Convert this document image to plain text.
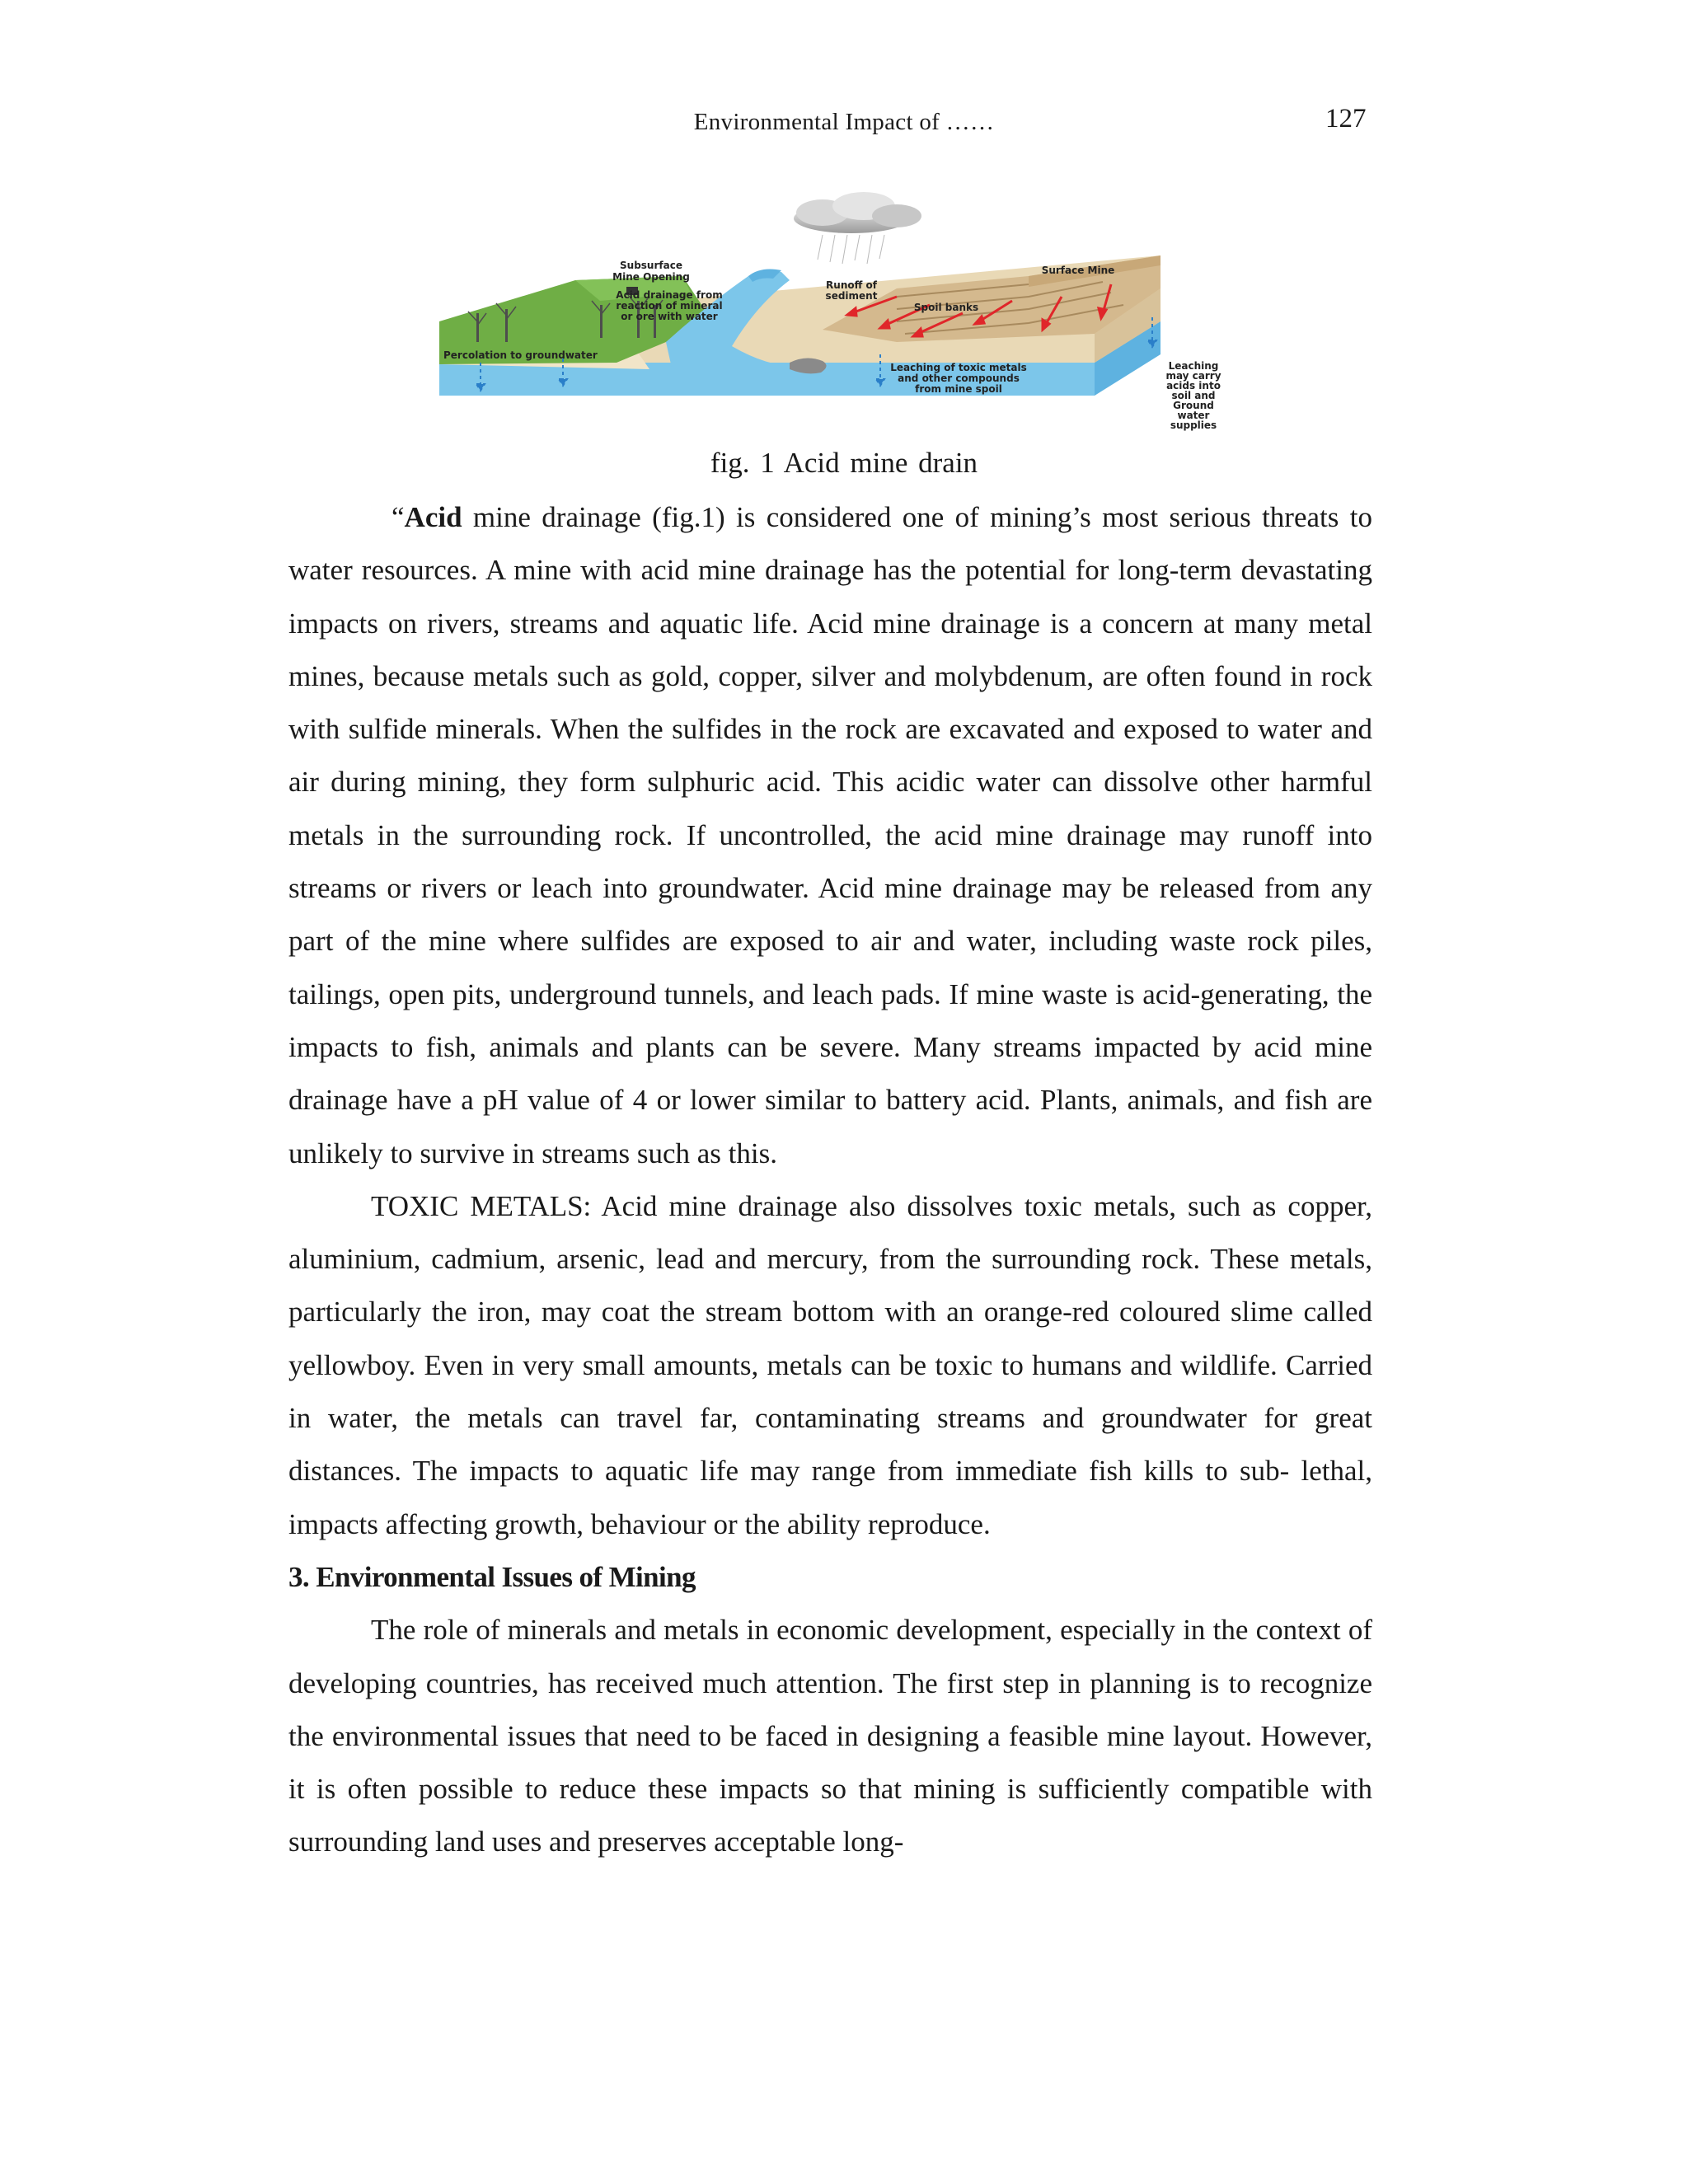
Environmental Impact of ……	127
Subsurface
Mine Opening
Acid drainage from
reaction of mineral
or ore with water
Runoff of
sediment
Spoil banks
Surface Mine
Percolation to groundwater
Leaching of toxic metals
and other compounds
from mine spoil
Leaching
may carry
acids into
soil and
Ground
water
supplies
fig. 1 Acid mine drain

“Acid mine drainage (fig.1) is considered one of mining’s most serious threats to water resources. A mine with acid mine drainage has the potential for long-term devastating impacts on rivers, streams and aquatic life. Acid mine drainage is a concern at many metal mines, because metals such as gold, copper, silver and molybdenum, are often found in rock with sulfide minerals. When the sulfides in the rock are excavated and exposed to water and air during mining, they form sulphuric acid. This acidic water can dissolve other harmful metals in the surrounding rock. If uncontrolled, the acid mine drainage may runoff into streams or rivers or leach into groundwater. Acid mine drainage may be released from any part of the mine where sulfides are exposed to air and water, including waste rock piles, tailings, open pits, underground tunnels, and leach pads. If mine waste is acid-generating, the impacts to fish, animals and plants can be severe. Many streams impacted by acid mine drainage have a pH value of 4 or lower similar to battery acid. Plants, animals, and fish are unlikely to survive in streams such as this.

TOXIC METALS: Acid mine drainage also dissolves toxic metals, such as copper, aluminium, cadmium, arsenic, lead and mercury, from the surrounding rock. These metals, particularly the iron, may coat the stream bottom with an orange-red coloured slime called yellowboy. Even in very small amounts, metals can be toxic to humans and wildlife. Carried in water, the metals can travel far, contaminating streams and groundwater for great distances. The impacts to aquatic life may range from immediate fish kills to sub- lethal, impacts affecting growth, behaviour or the ability reproduce.

3. Environmental Issues of Mining

The role of minerals and metals in economic development, especially in the context of developing countries, has received much attention. The first step in planning is to recognize the environmental issues that need to be faced in designing a feasible mine layout. However, it is often possible to reduce these impacts so that mining is sufficiently compatible with surrounding land uses and preserves acceptable long-
